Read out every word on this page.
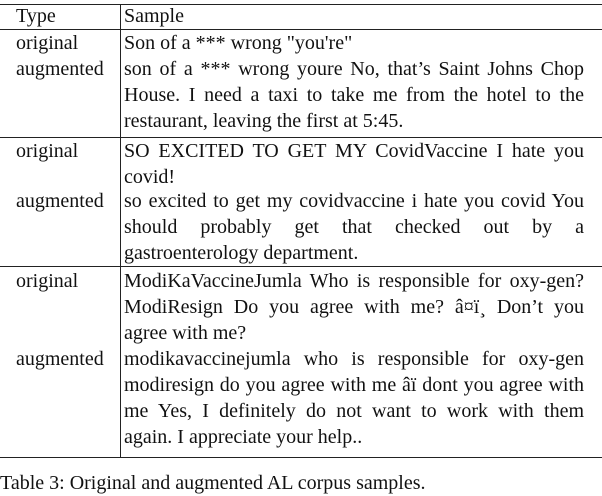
Type	Sample
original	Son of a *** wrong "you're"
augmented	son of a *** wrong youre No, that’s Saint Johns Chop House. I need a taxi to take me from the hotel to the restaurant, leaving the first at 5:45.
original	SO EXCITED TO GET MY CovidVaccine I hate you covid!
augmented	so excited to get my covidvaccine i hate you covid You should probably get that checked out by a gastroenterology department.
original	ModiKaVaccineJumla Who is responsible for oxy-gen? ModiResign Do you agree with me? â¤ï¸ Don’t you agree with me?
augmented	modikavaccinejumla who is responsible for oxy-gen modiresign do you agree with me âï dont you agree with me Yes, I definitely do not want to work with them again. I appreciate your help..
Table 3: Original and augmented AL corpus samples.
